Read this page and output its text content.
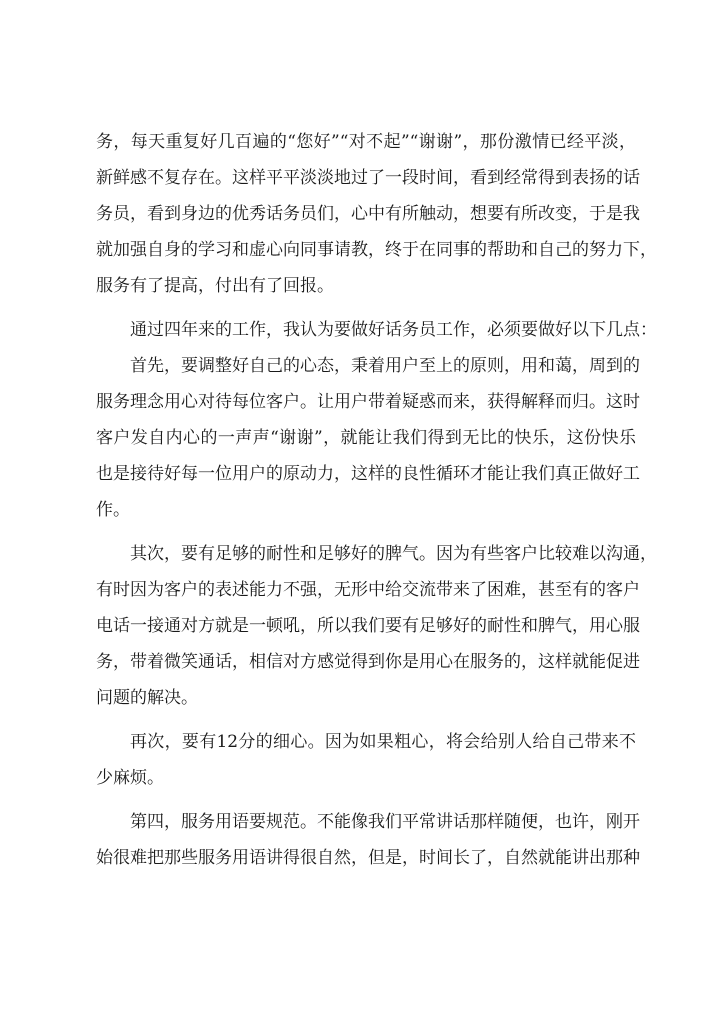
务，每天重复好几百遍的“您好”“对不起”“谢谢”，那份激情已经平淡，
新鲜感不复存在。这样平平淡淡地过了一段时间，看到经常得到表扬的话
务员，看到身边的优秀话务员们，心中有所触动，想要有所改变，于是我
就加强自身的学习和虚心向同事请教，终于在同事的帮助和自己的努力下，
服务有了提高，付出有了回报。

通过四年来的工作，我认为要做好话务员工作，必须要做好以下几点：

首先，要调整好自己的心态，秉着用户至上的原则，用和蔼，周到的
服务理念用心对待每位客户。让用户带着疑惑而来，获得解释而归。这时
客户发自内心的一声声“谢谢”，就能让我们得到无比的快乐，这份快乐
也是接待好每一位用户的原动力，这样的良性循环才能让我们真正做好工
作。

其次，要有足够的耐性和足够好的脾气。因为有些客户比较难以沟通，
有时因为客户的表述能力不强，无形中给交流带来了困难，甚至有的客户
电话一接通对方就是一顿吼，所以我们要有足够好的耐性和脾气，用心服
务，带着微笑通话，相信对方感觉得到你是用心在服务的，这样就能促进
问题的解决。

再次，要有12分的细心。因为如果粗心，将会给别人给自己带来不
少麻烦。

第四，服务用语要规范。不能像我们平常讲话那样随便，也许，刚开
始很难把那些服务用语讲得很自然，但是，时间长了，自然就能讲出那种
